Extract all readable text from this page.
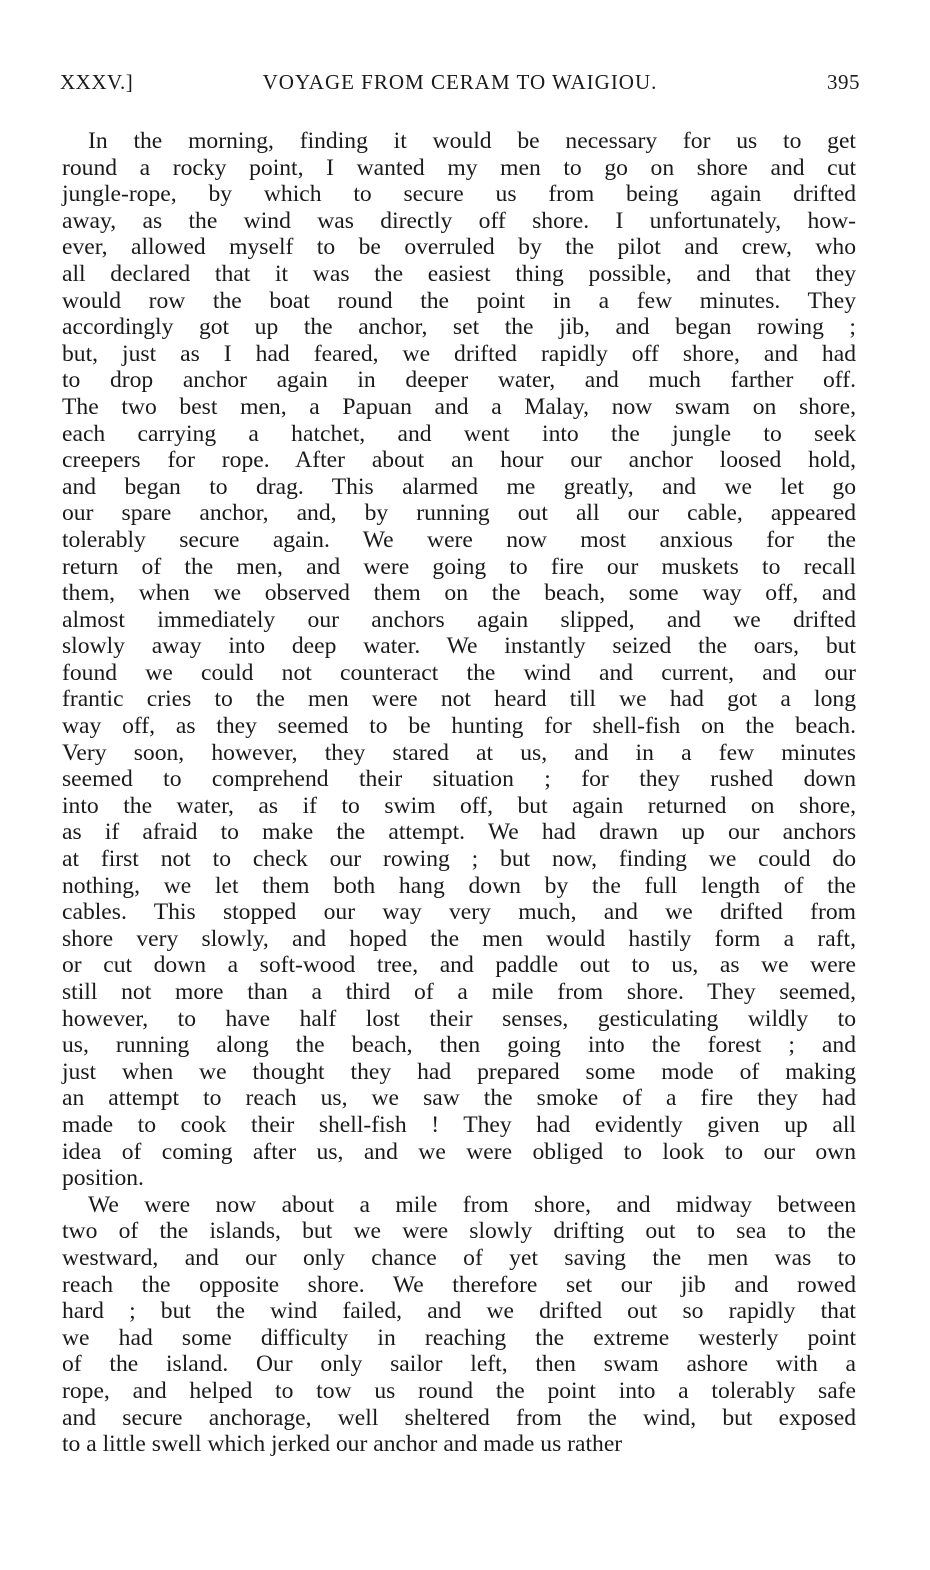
XXXV.]	VOYAGE FROM CERAM TO WAIGIOU.	395
In the morning, finding it would be necessary for us to get
round a rocky point, I wanted my men to go on shore and cut
jungle-rope, by which to secure us from being again drifted
away, as the wind was directly off shore. I unfortunately, how-
ever, allowed myself to be overruled by the pilot and crew, who
all declared that it was the easiest thing possible, and that they
would row the boat round the point in a few minutes. They
accordingly got up the anchor, set the jib, and began rowing ;
but, just as I had feared, we drifted rapidly off shore, and had
to drop anchor again in deeper water, and much farther off.
The two best men, a Papuan and a Malay, now swam on shore,
each carrying a hatchet, and went into the jungle to seek
creepers for rope. After about an hour our anchor loosed hold,
and began to drag. This alarmed me greatly, and we let go
our spare anchor, and, by running out all our cable, appeared
tolerably secure again. We were now most anxious for the
return of the men, and were going to fire our muskets to recall
them, when we observed them on the beach, some way off, and
almost immediately our anchors again slipped, and we drifted
slowly away into deep water. We instantly seized the oars, but
found we could not counteract the wind and current, and our
frantic cries to the men were not heard till we had got a long
way off, as they seemed to be hunting for shell-fish on the beach.
Very soon, however, they stared at us, and in a few minutes
seemed to comprehend their situation ; for they rushed down
into the water, as if to swim off, but again returned on shore,
as if afraid to make the attempt. We had drawn up our anchors
at first not to check our rowing ; but now, finding we could do
nothing, we let them both hang down by the full length of the
cables. This stopped our way very much, and we drifted from
shore very slowly, and hoped the men would hastily form a raft,
or cut down a soft-wood tree, and paddle out to us, as we were
still not more than a third of a mile from shore. They seemed,
however, to have half lost their senses, gesticulating wildly to
us, running along the beach, then going into the forest ; and
just when we thought they had prepared some mode of making
an attempt to reach us, we saw the smoke of a fire they had
made to cook their shell-fish ! They had evidently given up all
idea of coming after us, and we were obliged to look to our own
position.
We were now about a mile from shore, and midway between
two of the islands, but we were slowly drifting out to sea to the
westward, and our only chance of yet saving the men was to
reach the opposite shore. We therefore set our jib and rowed
hard ; but the wind failed, and we drifted out so rapidly that
we had some difficulty in reaching the extreme westerly point
of the island. Our only sailor left, then swam ashore with a
rope, and helped to tow us round the point into a tolerably safe
and secure anchorage, well sheltered from the wind, but exposed
to a little swell which jerked our anchor and made us rather
